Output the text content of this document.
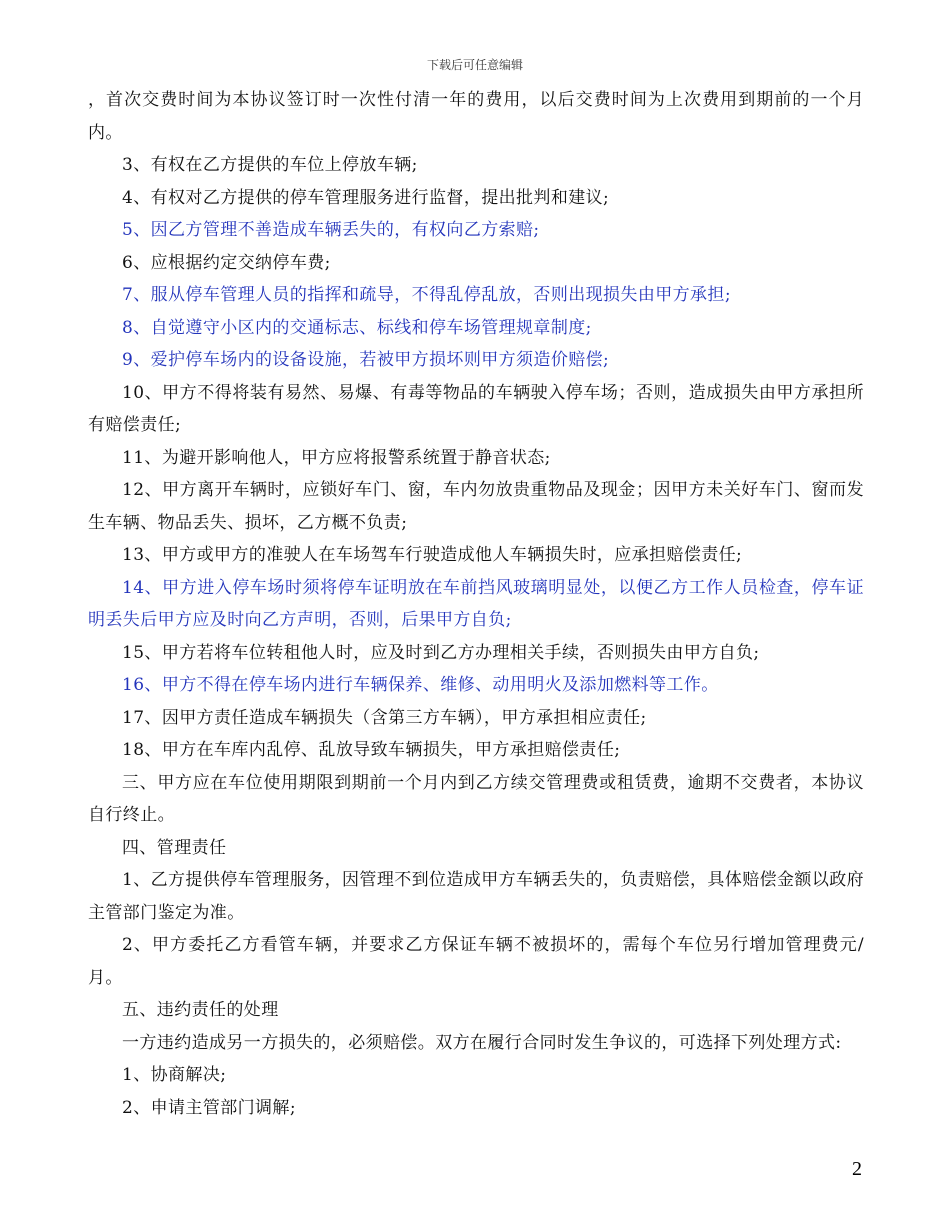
下载后可任意编辑

，首次交费时间为本协议签订时一次性付清一年的费用，以后交费时间为上次费用到期前的一个月内。

3、有权在乙方提供的车位上停放车辆;

4、有权对乙方提供的停车管理服务进行监督，提出批判和建议;

5、因乙方管理不善造成车辆丢失的，有权向乙方索赔;

6、应根据约定交纳停车费;

7、服从停车管理人员的指挥和疏导，不得乱停乱放，否则出现损失由甲方承担;

8、自觉遵守小区内的交通标志、标线和停车场管理规章制度;

9、爱护停车场内的设备设施，若被甲方损坏则甲方须造价赔偿;

10、甲方不得将装有易然、易爆、有毒等物品的车辆驶入停车场；否则，造成损失由甲方承担所有赔偿责任;

11、为避开影响他人，甲方应将报警系统置于静音状态;

12、甲方离开车辆时，应锁好车门、窗，车内勿放贵重物品及现金；因甲方未关好车门、窗而发生车辆、物品丢失、损坏，乙方概不负责;

13、甲方或甲方的准驶人在车场驾车行驶造成他人车辆损失时，应承担赔偿责任;

14、甲方进入停车场时须将停车证明放在车前挡风玻璃明显处，以便乙方工作人员检查，停车证明丢失后甲方应及时向乙方声明，否则，后果甲方自负;

15、甲方若将车位转租他人时，应及时到乙方办理相关手续，否则损失由甲方自负;

16、甲方不得在停车场内进行车辆保养、维修、动用明火及添加燃料等工作。

17、因甲方责任造成车辆损失（含第三方车辆），甲方承担相应责任;

18、甲方在车库内乱停、乱放导致车辆损失，甲方承担赔偿责任;

三、甲方应在车位使用期限到期前一个月内到乙方续交管理费或租赁费，逾期不交费者，本协议自行终止。

四、管理责任

1、乙方提供停车管理服务，因管理不到位造成甲方车辆丢失的，负责赔偿，具体赔偿金额以政府主管部门鉴定为准。

2、甲方委托乙方看管车辆，并要求乙方保证车辆不被损坏的，需每个车位另行增加管理费元/月。

五、违约责任的处理

一方违约造成另一方损失的，必须赔偿。双方在履行合同时发生争议的，可选择下列处理方式:

1、协商解决;

2、申请主管部门调解;

2
